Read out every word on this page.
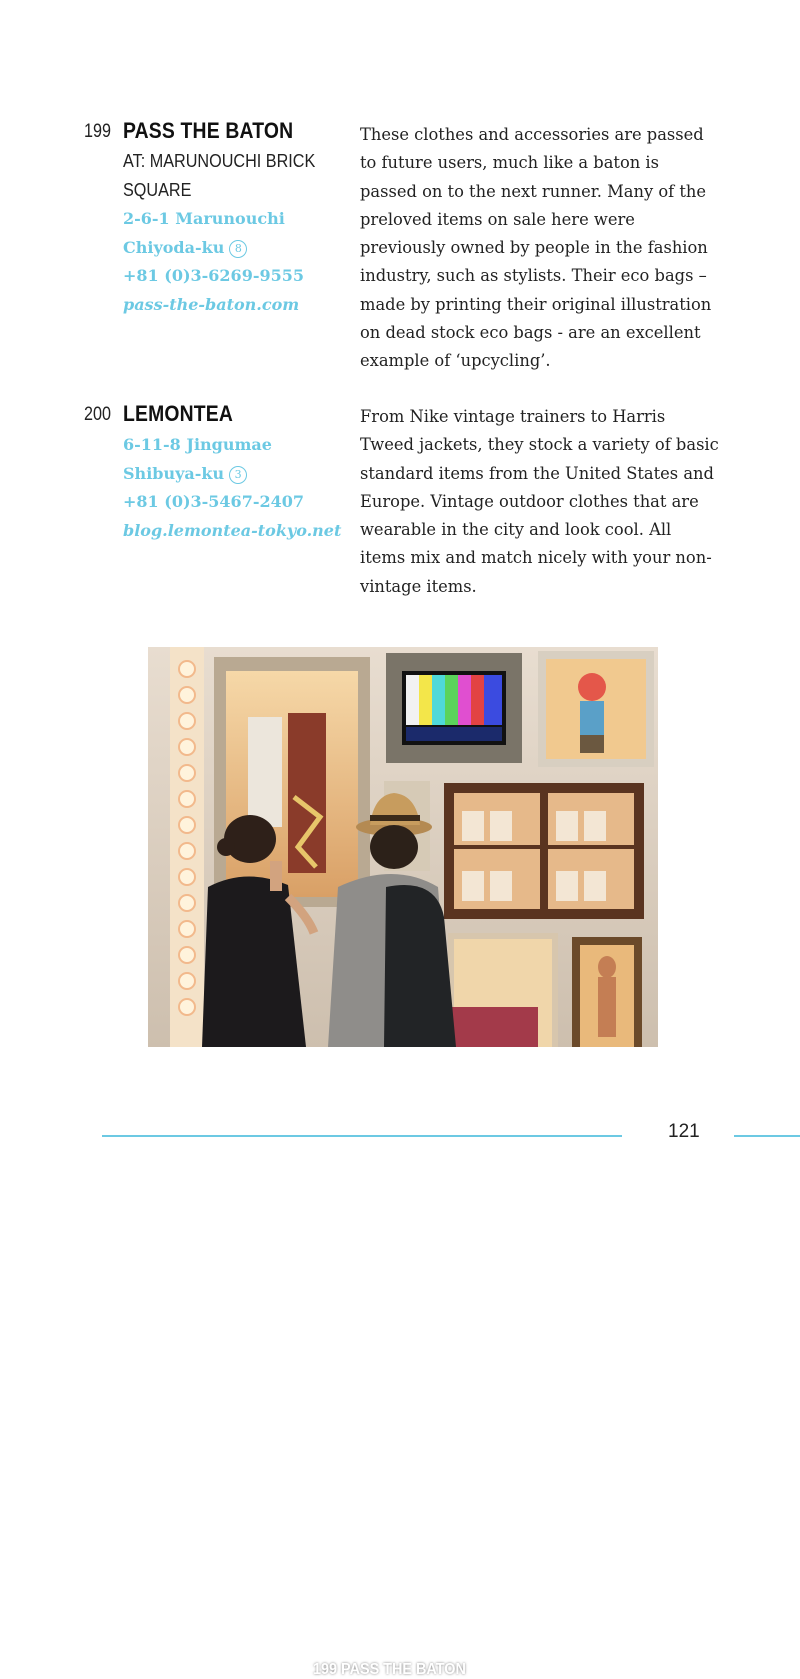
199 PASS THE BATON
AT: MARUNOUCHI BRICK
SQUARE
2-6-1 Marunouchi
Chiyoda-ku 8
+81 (0)3-6269-9555
pass-the-baton.com
These clothes and accessories are passed to future users, much like a baton is passed on to the next runner. Many of the preloved items on sale here were previously owned by people in the fashion industry, such as stylists. Their eco bags – made by printing their original illustration on dead stock eco bags - are an excellent example of ‘upcycling’.
200 LEMONTEA
6-11-8 Jingumae
Shibuya-ku 3
+81 (0)3-5467-2407
blog.lemontea-tokyo.net
From Nike vintage trainers to Harris Tweed jackets, they stock a variety of basic standard items from the United States and Europe. Vintage outdoor clothes that are wearable in the city and look cool. All items mix and match nicely with your non-vintage items.
199 PASS THE BATON
121
